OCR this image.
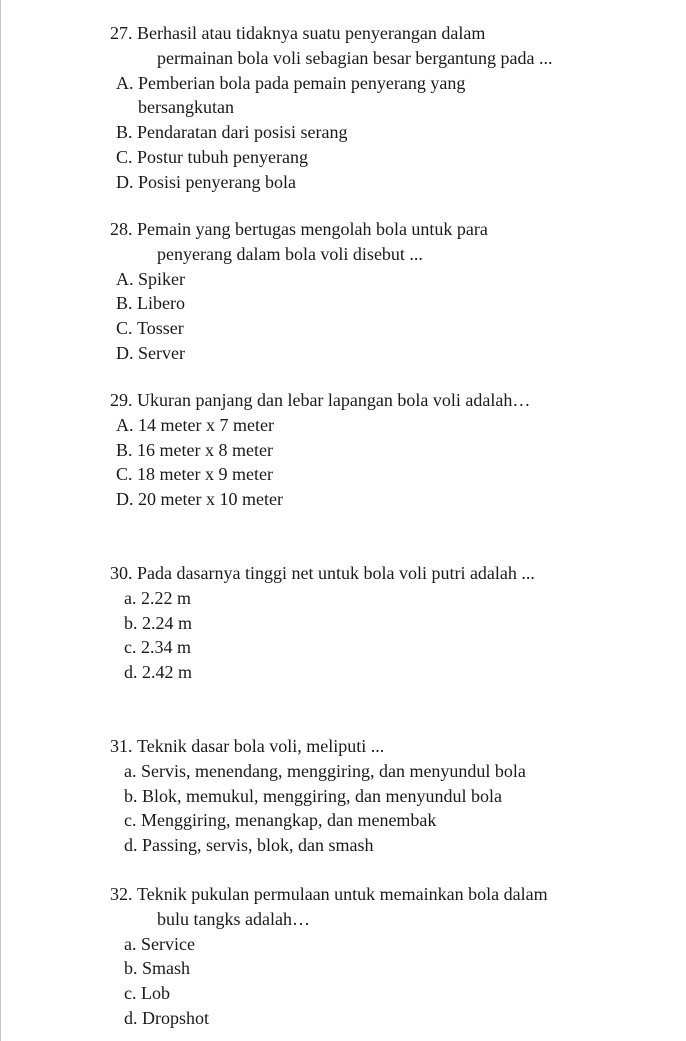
27. Berhasil atau tidaknya suatu penyerangan dalam
permainan bola voli sebagian besar bergantung pada ...
A. Pemberian bola pada pemain penyerang yang bersangkutan
B. Pendaratan dari posisi serang
C. Postur tubuh penyerang
D. Posisi penyerang bola
28. Pemain yang bertugas mengolah bola untuk para
penyerang dalam bola voli disebut ...
A. Spiker
B. Libero
C. Tosser
D. Server
29. Ukuran panjang dan lebar lapangan bola voli adalah…
A. 14 meter x 7 meter
B. 16 meter x 8 meter
C. 18 meter x 9 meter
D. 20 meter x 10 meter
30. Pada dasarnya tinggi net untuk bola voli putri adalah ...
a. 2.22 m
b. 2.24 m
c. 2.34 m
d. 2.42 m
31. Teknik dasar bola voli, meliputi ...
a. Servis, menendang, menggiring, dan menyundul bola
b. Blok, memukul, menggiring, dan menyundul bola
c. Menggiring, menangkap, dan menembak
d. Passing, servis, blok, dan smash
32. Teknik pukulan permulaan untuk memainkan bola dalam
bulu tangks adalah…
a. Service
b. Smash
c. Lob
d. Dropshot
